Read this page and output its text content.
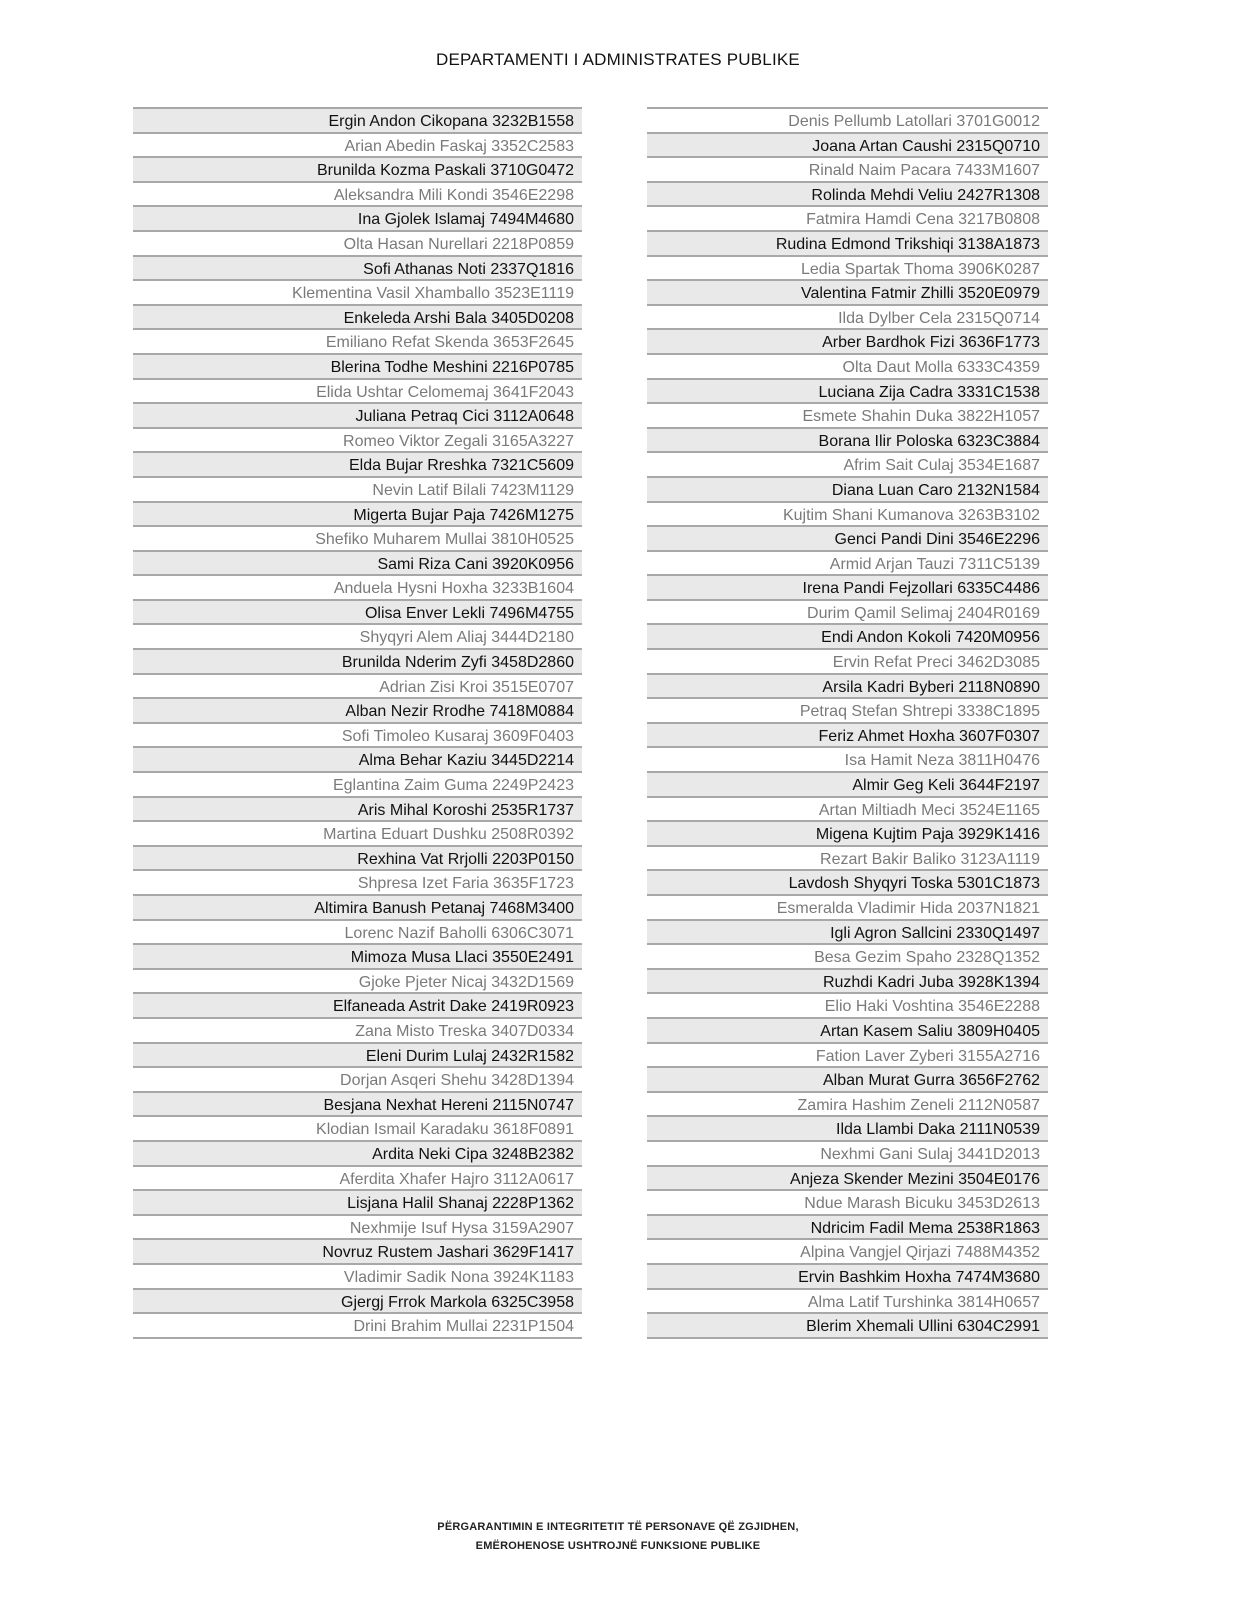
DEPARTAMENTI I ADMINISTRATES PUBLIKE
Ergin Andon Cikopana 3232B1558
Arian Abedin Faskaj 3352C2583
Brunilda Kozma Paskali 3710G0472
Aleksandra Mili Kondi 3546E2298
Ina Gjolek Islamaj 7494M4680
Olta Hasan Nurellari 2218P0859
Sofi Athanas Noti 2337Q1816
Klementina Vasil Xhamballo 3523E1119
Enkeleda Arshi Bala 3405D0208
Emiliano Refat Skenda 3653F2645
Blerina Todhe Meshini 2216P0785
Elida Ushtar Celomemaj 3641F2043
Juliana Petraq Cici 3112A0648
Romeo Viktor Zegali 3165A3227
Elda Bujar Rreshka 7321C5609
Nevin Latif Bilali 7423M1129
Migerta Bujar Paja 7426M1275
Shefiko Muharem Mullai 3810H0525
Sami Riza Cani 3920K0956
Anduela Hysni Hoxha 3233B1604
Olisa Enver Lekli 7496M4755
Shyqyri Alem Aliaj 3444D2180
Brunilda Nderim Zyfi 3458D2860
Adrian Zisi Kroi 3515E0707
Alban Nezir Rrodhe 7418M0884
Sofi Timoleo Kusaraj 3609F0403
Alma Behar Kaziu 3445D2214
Eglantina Zaim Guma 2249P2423
Aris Mihal Koroshi 2535R1737
Martina Eduart Dushku 2508R0392
Rexhina Vat Rrjolli 2203P0150
Shpresa Izet Faria 3635F1723
Altimira Banush Petanaj 7468M3400
Lorenc Nazif Baholli 6306C3071
Mimoza Musa Llaci 3550E2491
Gjoke Pjeter Nicaj 3432D1569
Elfaneada Astrit Dake 2419R0923
Zana Misto Treska 3407D0334
Eleni Durim Lulaj 2432R1582
Dorjan Asqeri Shehu 3428D1394
Besjana Nexhat Hereni 2115N0747
Klodian Ismail Karadaku 3618F0891
Ardita Neki Cipa 3248B2382
Aferdita Xhafer Hajro 3112A0617
Lisjana Halil Shanaj 2228P1362
Nexhmije Isuf Hysa 3159A2907
Novruz Rustem Jashari 3629F1417
Vladimir Sadik Nona 3924K1183
Gjergj Frrok Markola 6325C3958
Drini Brahim Mullai 2231P1504
Denis Pellumb Latollari 3701G0012
Joana Artan Caushi 2315Q0710
Rinald Naim Pacara 7433M1607
Rolinda Mehdi Veliu 2427R1308
Fatmira Hamdi Cena 3217B0808
Rudina Edmond Trikshiqi 3138A1873
Ledia Spartak Thoma 3906K0287
Valentina Fatmir Zhilli 3520E0979
Ilda Dylber Cela 2315Q0714
Arber Bardhok Fizi 3636F1773
Olta Daut Molla 6333C4359
Luciana Zija Cadra 3331C1538
Esmete Shahin Duka 3822H1057
Borana Ilir Poloska 6323C3884
Afrim Sait Culaj 3534E1687
Diana Luan Caro 2132N1584
Kujtim Shani Kumanova 3263B3102
Genci Pandi Dini 3546E2296
Armid Arjan Tauzi 7311C5139
Irena Pandi Fejzollari 6335C4486
Durim Qamil Selimaj 2404R0169
Endi Andon Kokoli 7420M0956
Ervin Refat Preci 3462D3085
Arsila Kadri Byberi 2118N0890
Petraq Stefan Shtrepi 3338C1895
Feriz Ahmet Hoxha 3607F0307
Isa Hamit Neza 3811H0476
Almir Geg Keli 3644F2197
Artan Miltiadh Meci 3524E1165
Migena Kujtim Paja 3929K1416
Rezart Bakir Baliko 3123A1119
Lavdosh Shyqyri Toska 5301C1873
Esmeralda Vladimir Hida 2037N1821
Igli Agron Sallcini 2330Q1497
Besa Gezim Spaho 2328Q1352
Ruzhdi Kadri Juba 3928K1394
Elio Haki Voshtina 3546E2288
Artan Kasem Saliu 3809H0405
Fation Laver Zyberi 3155A2716
Alban Murat Gurra 3656F2762
Zamira Hashim Zeneli 2112N0587
Ilda Llambi Daka 2111N0539
Nexhmi Gani Sulaj 3441D2013
Anjeza Skender Mezini 3504E0176
Ndue Marash Bicuku 3453D2613
Ndricim Fadil Mema 2538R1863
Alpina Vangjel Qirjazi 7488M4352
Ervin Bashkim Hoxha 7474M3680
Alma Latif Turshinka 3814H0657
Blerim Xhemali Ullini 6304C2991
PËRGARANTIMIN E INTEGRITETIT TË PERSONAVE QË ZGJIDHEN,
EMËROHENOSE USHTROJNË FUNKSIONE PUBLIKE
